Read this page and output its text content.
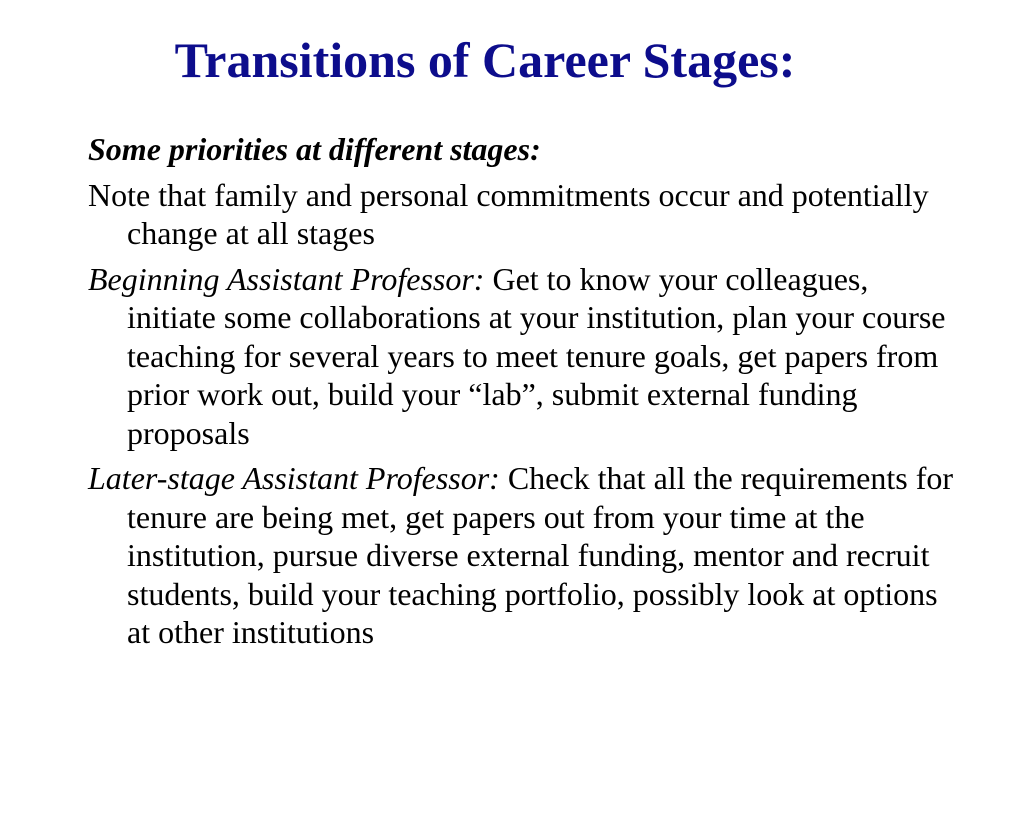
Transitions of Career Stages:

Some priorities at different stages:

Note that family and personal commitments occur and potentially change at all stages

Beginning Assistant Professor: Get to know your colleagues, initiate some collaborations at your institution, plan your course teaching for several years to meet tenure goals, get papers from prior work out, build your “lab”, submit external funding proposals

Later-stage Assistant Professor: Check that all the requirements for tenure are being met, get papers out from your time at the institution, pursue diverse external funding, mentor and recruit students, build your teaching portfolio, possibly look at options at other institutions
